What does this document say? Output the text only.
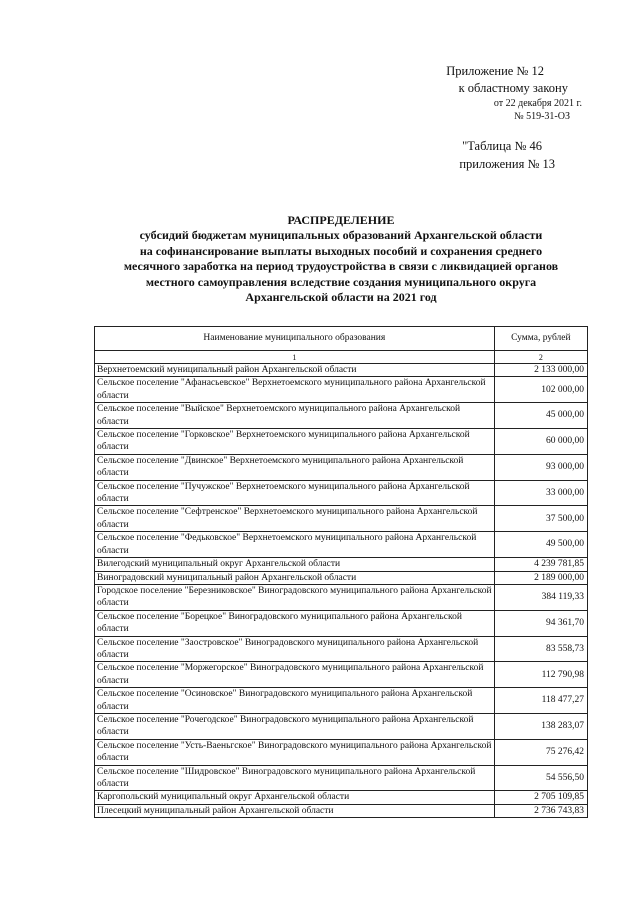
Приложение № 12
к областному закону
от 22 декабря 2021 г.
№ 519-31-ОЗ
"Таблица № 46
приложения № 13
РАСПРЕДЕЛЕНИЕ
субсидий бюджетам муниципальных образований Архангельской области
на софинансирование выплаты выходных пособий и сохранения среднего
месячного заработка на период трудоустройства в связи с ликвидацией органов
местного самоуправления вследствие создания муниципального округа
Архангельской области на 2021 год
Наименование муниципального образования	Сумма, рублей
1	2
Верхнетоемский муниципальный район Архангельской области	2 133 000,00
Сельское поселение "Афанасьевское" Верхнетоемского муниципального района Архангельской области	102 000,00
Сельское поселение "Выйское" Верхнетоемского муниципального района Архангельской области	45 000,00
Сельское поселение "Горковское" Верхнетоемского муниципального района Архангельской области	60 000,00
Сельское поселение "Двинское" Верхнетоемского муниципального района Архангельской области	93 000,00
Сельское поселение "Пучужское" Верхнетоемского муниципального района Архангельской области	33 000,00
Сельское поселение "Сефтренское" Верхнетоемского муниципального района Архангельской области	37 500,00
Сельское поселение "Федьковское" Верхнетоемского муниципального района Архангельской области	49 500,00
Вилегодский муниципальный округ Архангельской области	4 239 781,85
Виноградовский муниципальный район Архангельской области	2 189 000,00
Городское поселение "Березниковское" Виноградовского муниципального района Архангельской области	384 119,33
Сельское поселение "Борецкое" Виноградовского муниципального района Архангельской области	94 361,70
Сельское поселение "Заостровское" Виноградовского муниципального района Архангельской области	83 558,73
Сельское поселение "Моржегорское" Виноградовского муниципального района Архангельской области	112 790,98
Сельское поселение "Осиновское" Виноградовского муниципального района Архангельской области	118 477,27
Сельское поселение "Рочегодское" Виноградовского муниципального района Архангельской области	138 283,07
Сельское поселение "Усть-Ваеньгское" Виноградовского муниципального района Архангельской области	75 276,42
Сельское поселение "Шидровское" Виноградовского муниципального района Архангельской области	54 556,50
Каргопольский муниципальный округ Архангельской области	2 705 109,85
Плесецкий муниципальный район Архангельской области	2 736 743,83
